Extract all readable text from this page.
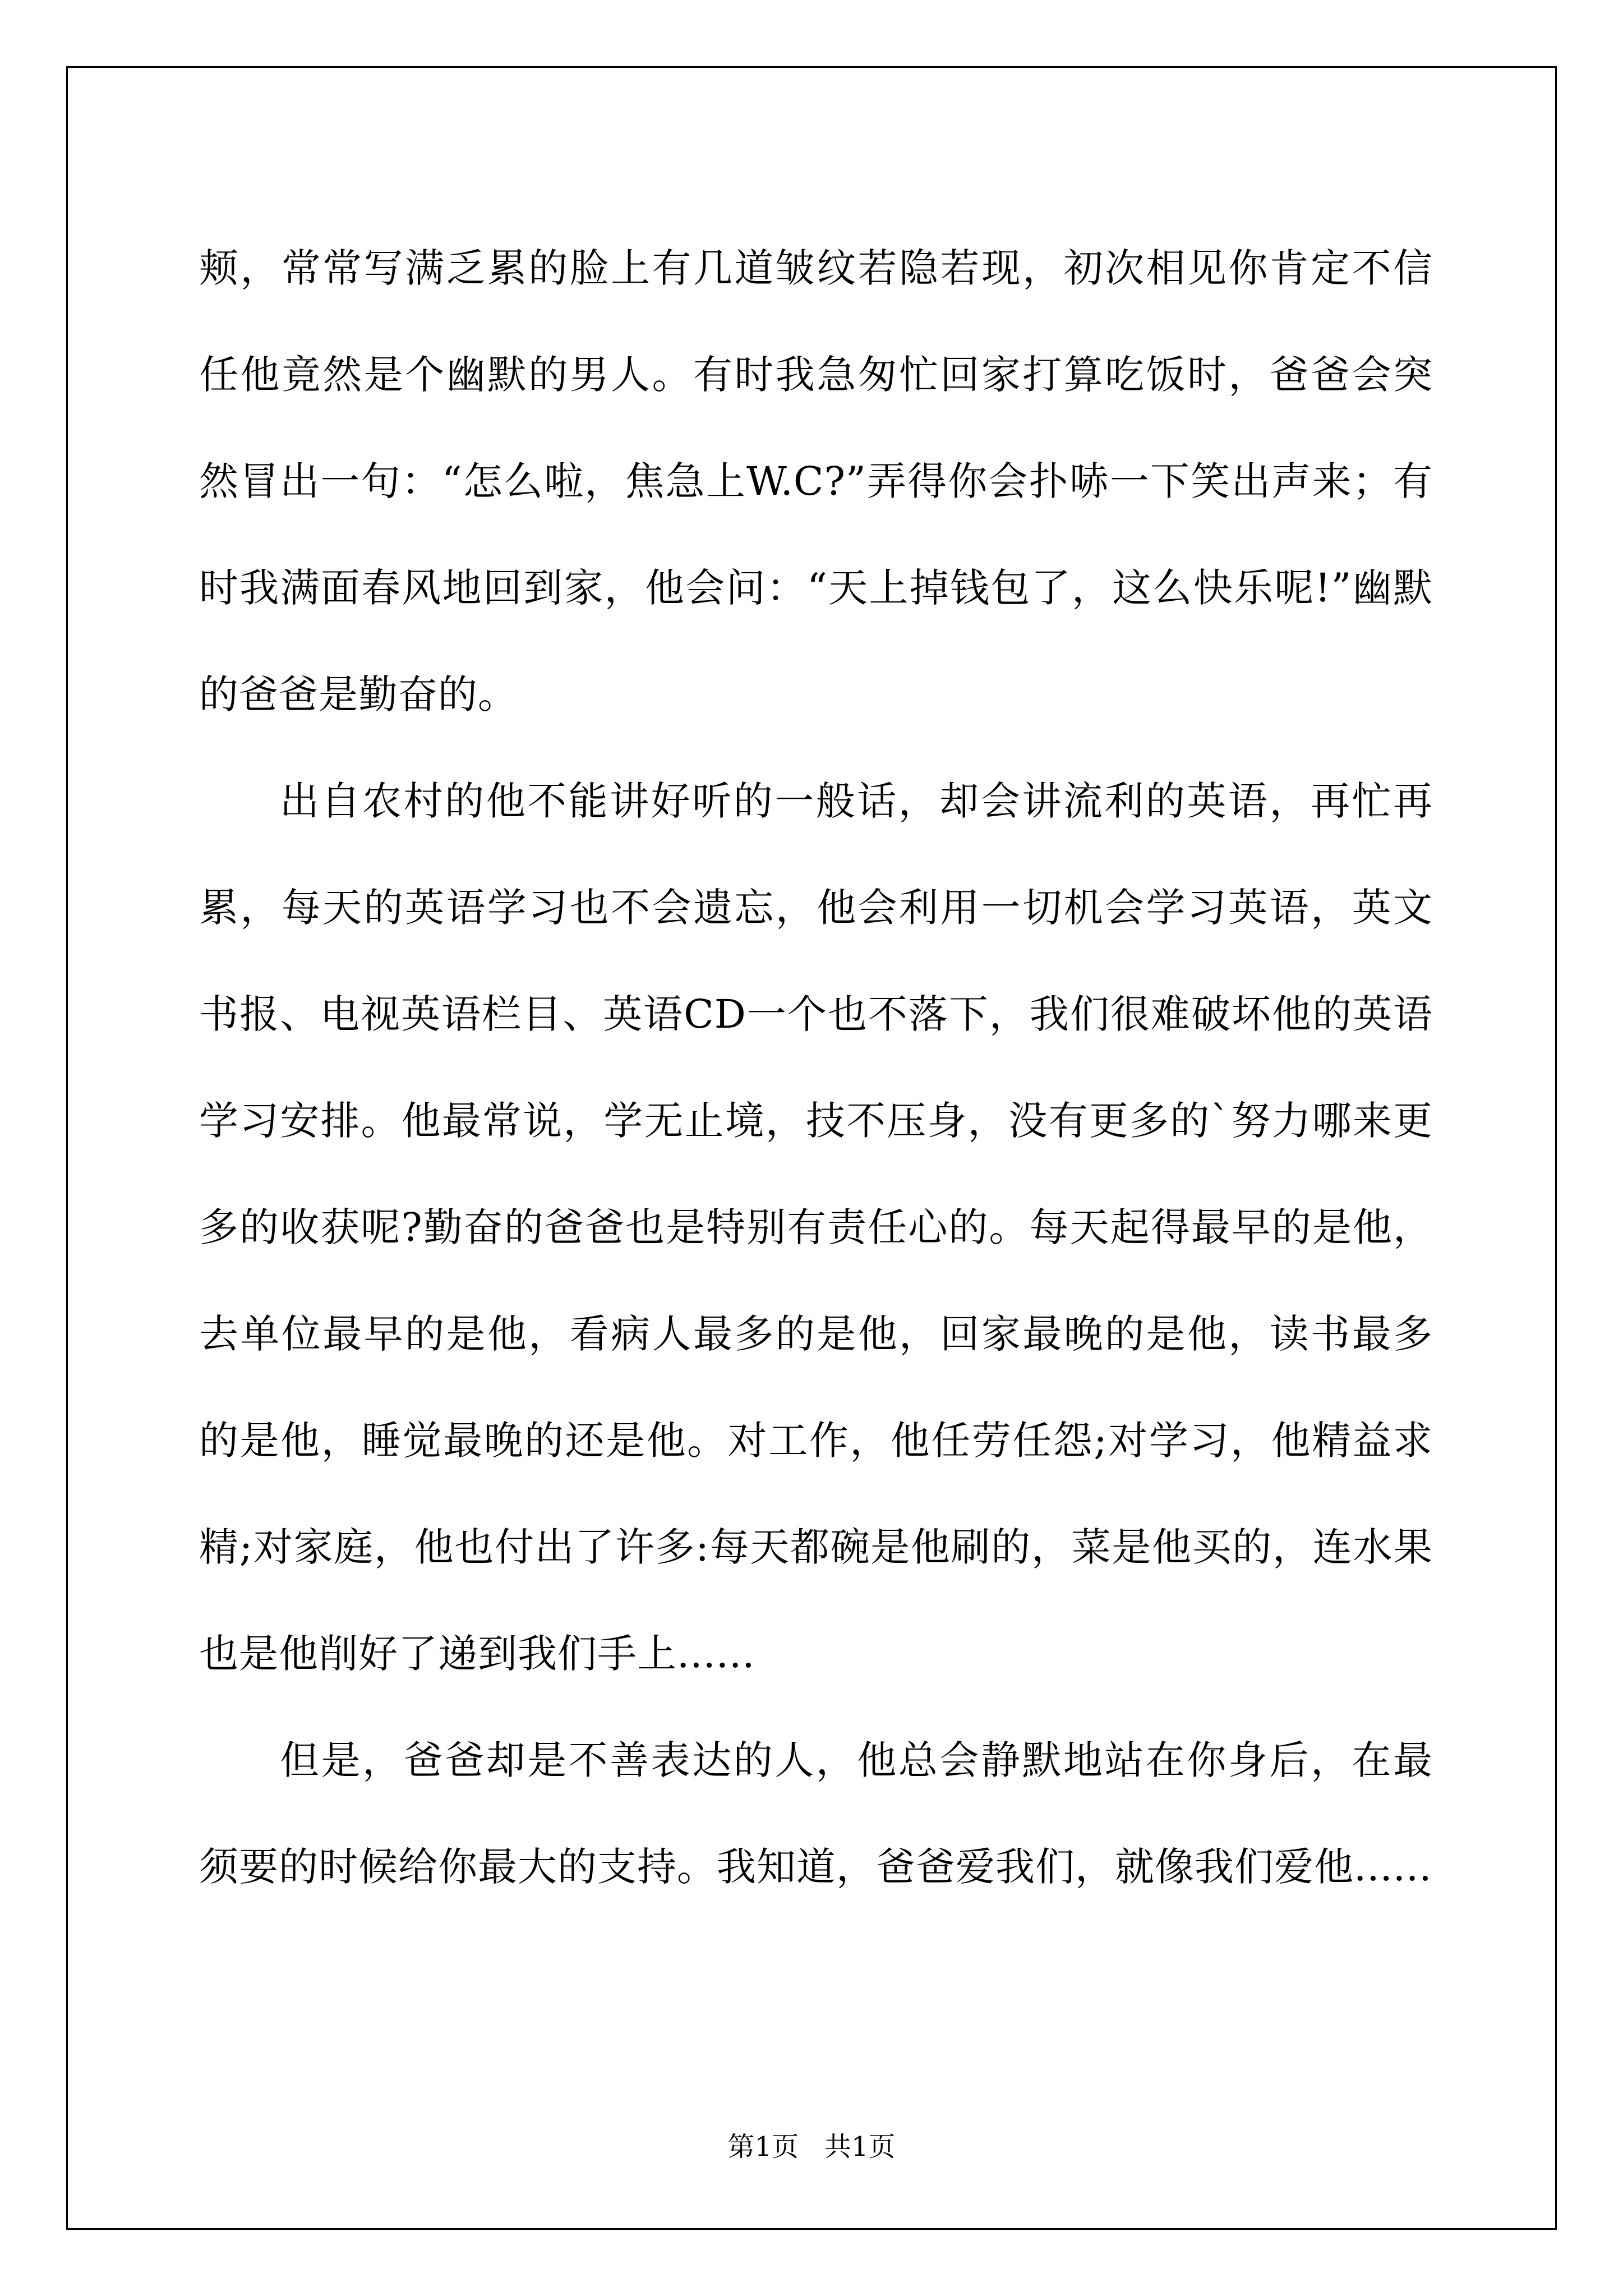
颊，常常写满乏累的脸上有几道皱纹若隐若现，初次相见你肯定不信任他竟然是个幽默的男人。有时我急匆忙回家打算吃饭时，爸爸会突然冒出一句：“怎么啦，焦急上W.C?”弄得你会扑哧一下笑出声来；有时我满面春风地回到家，他会问：“天上掉钱包了，这么快乐呢!”幽默的爸爸是勤奋的。

出自农村的他不能讲好听的一般话，却会讲流利的英语，再忙再累，每天的英语学习也不会遗忘，他会利用一切机会学习英语，英文书报、电视英语栏目、英语CD一个也不落下，我们很难破坏他的英语学习安排。他最常说，学无止境，技不压身，没有更多的`努力哪来更多的收获呢?勤奋的爸爸也是特别有责任心的。每天起得最早的是他，去单位最早的是他，看病人最多的是他，回家最晚的是他，读书最多的是他，睡觉最晚的还是他。对工作，他任劳任怨;对学习，他精益求精;对家庭，他也付出了许多:每天都碗是他刷的，菜是他买的，连水果也是他削好了递到我们手上......

但是，爸爸却是不善表达的人，他总会静默地站在你身后，在最须要的时候给你最大的支持。我知道，爸爸爱我们，就像我们爱他......

第1页   共1页
